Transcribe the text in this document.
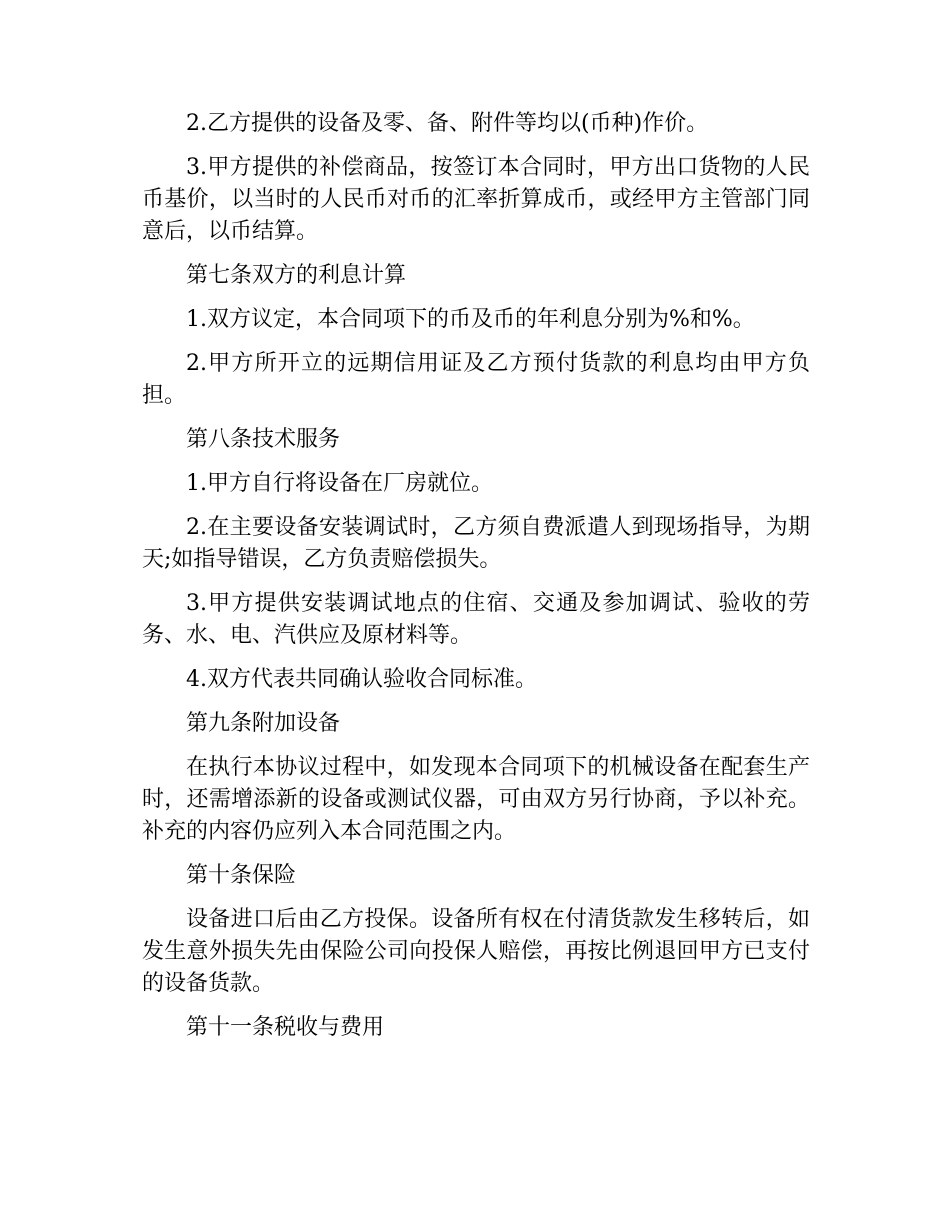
2.乙方提供的设备及零、备、附件等均以(币种)作价。

3.甲方提供的补偿商品，按签订本合同时，甲方出口货物的人民币基价，以当时的人民币对币的汇率折算成币，或经甲方主管部门同意后，以币结算。

第七条双方的利息计算

1.双方议定，本合同项下的币及币的年利息分别为%和%。

2.甲方所开立的远期信用证及乙方预付货款的利息均由甲方负担。

第八条技术服务

1.甲方自行将设备在厂房就位。

2.在主要设备安装调试时，乙方须自费派遣人到现场指导，为期天;如指导错误，乙方负责赔偿损失。

3.甲方提供安装调试地点的住宿、交通及参加调试、验收的劳务、水、电、汽供应及原材料等。

4.双方代表共同确认验收合同标准。

第九条附加设备

在执行本协议过程中，如发现本合同项下的机械设备在配套生产时，还需增添新的设备或测试仪器，可由双方另行协商，予以补充。补充的内容仍应列入本合同范围之内。

第十条保险

设备进口后由乙方投保。设备所有权在付清货款发生移转后，如发生意外损失先由保险公司向投保人赔偿，再按比例退回甲方已支付的设备货款。

第十一条税收与费用
